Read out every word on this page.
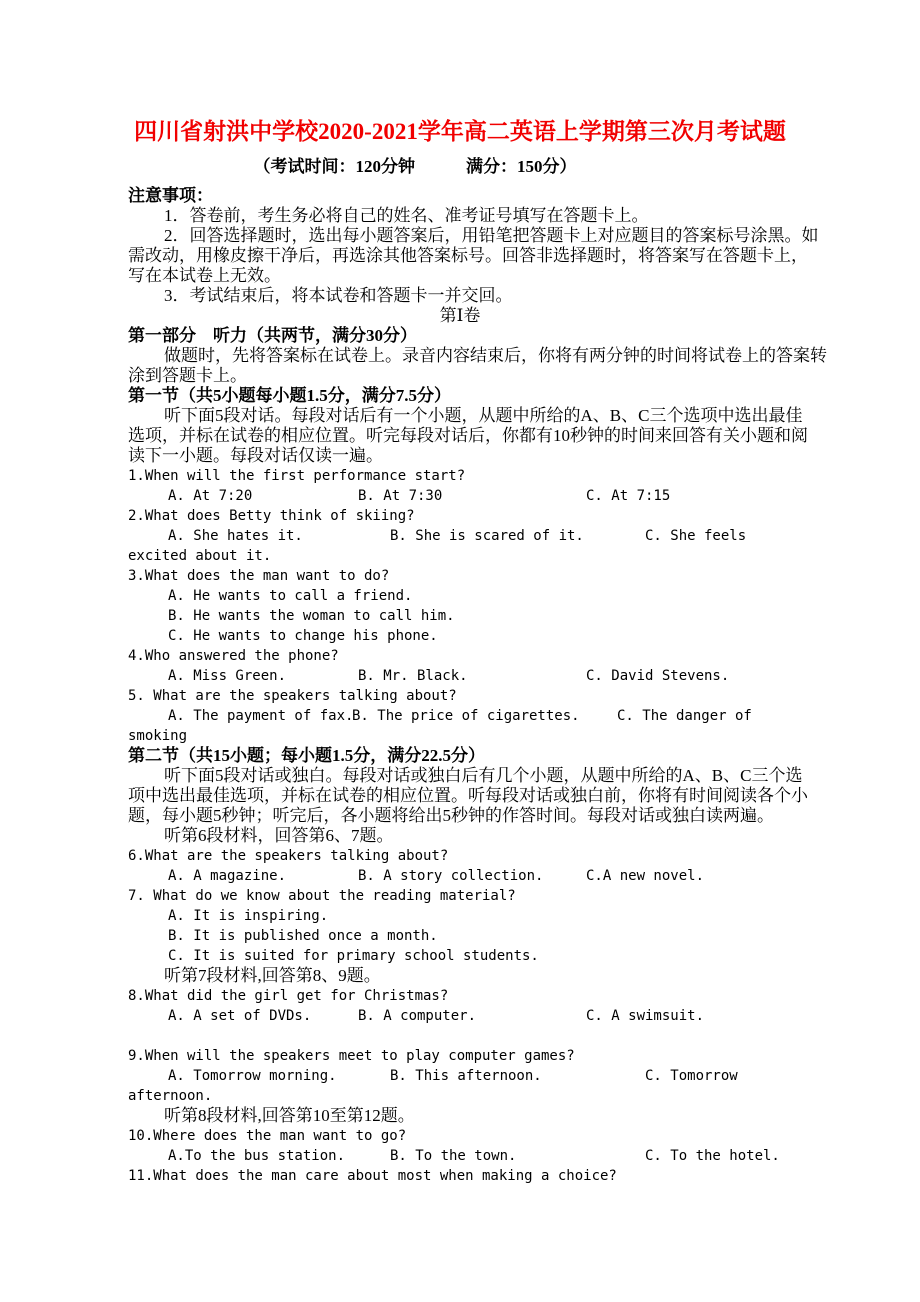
四川省射洪中学校2020-2021学年高二英语上学期第三次月考试题
（考试时间：120分钟　　　满分：150分）
注意事项：
1．答卷前，考生务必将自己的姓名、准考证号填写在答题卡上。
2．回答选择题时，选出每小题答案后，用铅笔把答题卡上对应题目的答案标号涂黑。如
需改动，用橡皮擦干净后，再选涂其他答案标号。回答非选择题时，将答案写在答题卡上，
写在本试卷上无效。
3．考试结束后，将本试卷和答题卡一并交回。
第Ⅰ卷
第一部分　听力（共两节，满分30分）
做题时，先将答案标在试卷上。录音内容结束后，你将有两分钟的时间将试卷上的答案转
涂到答题卡上。
第一节（共5小题每小题1.5分，满分7.5分）
听下面5段对话。每段对话后有一个小题，从题中所给的A、B、C三个选项中选出最佳
选项，并标在试卷的相应位置。听完每段对话后，你都有10秒钟的时间来回答有关小题和阅
读下一小题。每段对话仅读一遍。
1.When will the first performance start?

A. At 7:20

	B. At 7:30

	C. At 7:15

2.What does Betty think of skiing?

A. She hates it.

	B. She is scared of it.

	C. She feels

excited about it.
3.What does the man want to do?
A. He wants to call a friend.
B. He wants the woman to call him.
C. He wants to change his phone.
4.Who answered the phone?

A. Miss Green.

	B. Mr. Black.

	C. David Stevens.

5. What are the speakers talking about?

A. The payment of fax.

B. The price of cigarettes.

	C. The danger of

smoking
第二节（共15小题；每小题1.5分，满分22.5分）
听下面5段对话或独白。每段对话或独白后有几个小题，从题中所给的A、B、C三个选
项中选出最佳选项，并标在试卷的相应位置。听每段对话或独白前，你将有时间阅读各个小
题，每小题5秒钟；听完后，各小题将给出5秒钟的作答时间。每段对话或独白读两遍。
听第6段材料，回答第6、7题。
6.What are the speakers talking about?

A. A magazine.

	B. A story collection.

	C.A new novel.

7. What do we know about the reading material?
A. It is inspiring.
B. It is published once a month.
C. It is suited for primary school students.
听第7段材料,回答第8、9题。
8.What did the girl get for Christmas?

A. A set of DVDs.

	B. A computer.

	C. A swimsuit.

9.When will the speakers meet to play computer games?

A. Tomorrow morning.

	B. This afternoon.

	C. Tomorrow

afternoon.
听第8段材料,回答第10至第12题。
10.Where does the man want to go?

A.To the bus station.

	B. To the town.

	C. To the hotel.

11.What does the man care about most when making a choice?
